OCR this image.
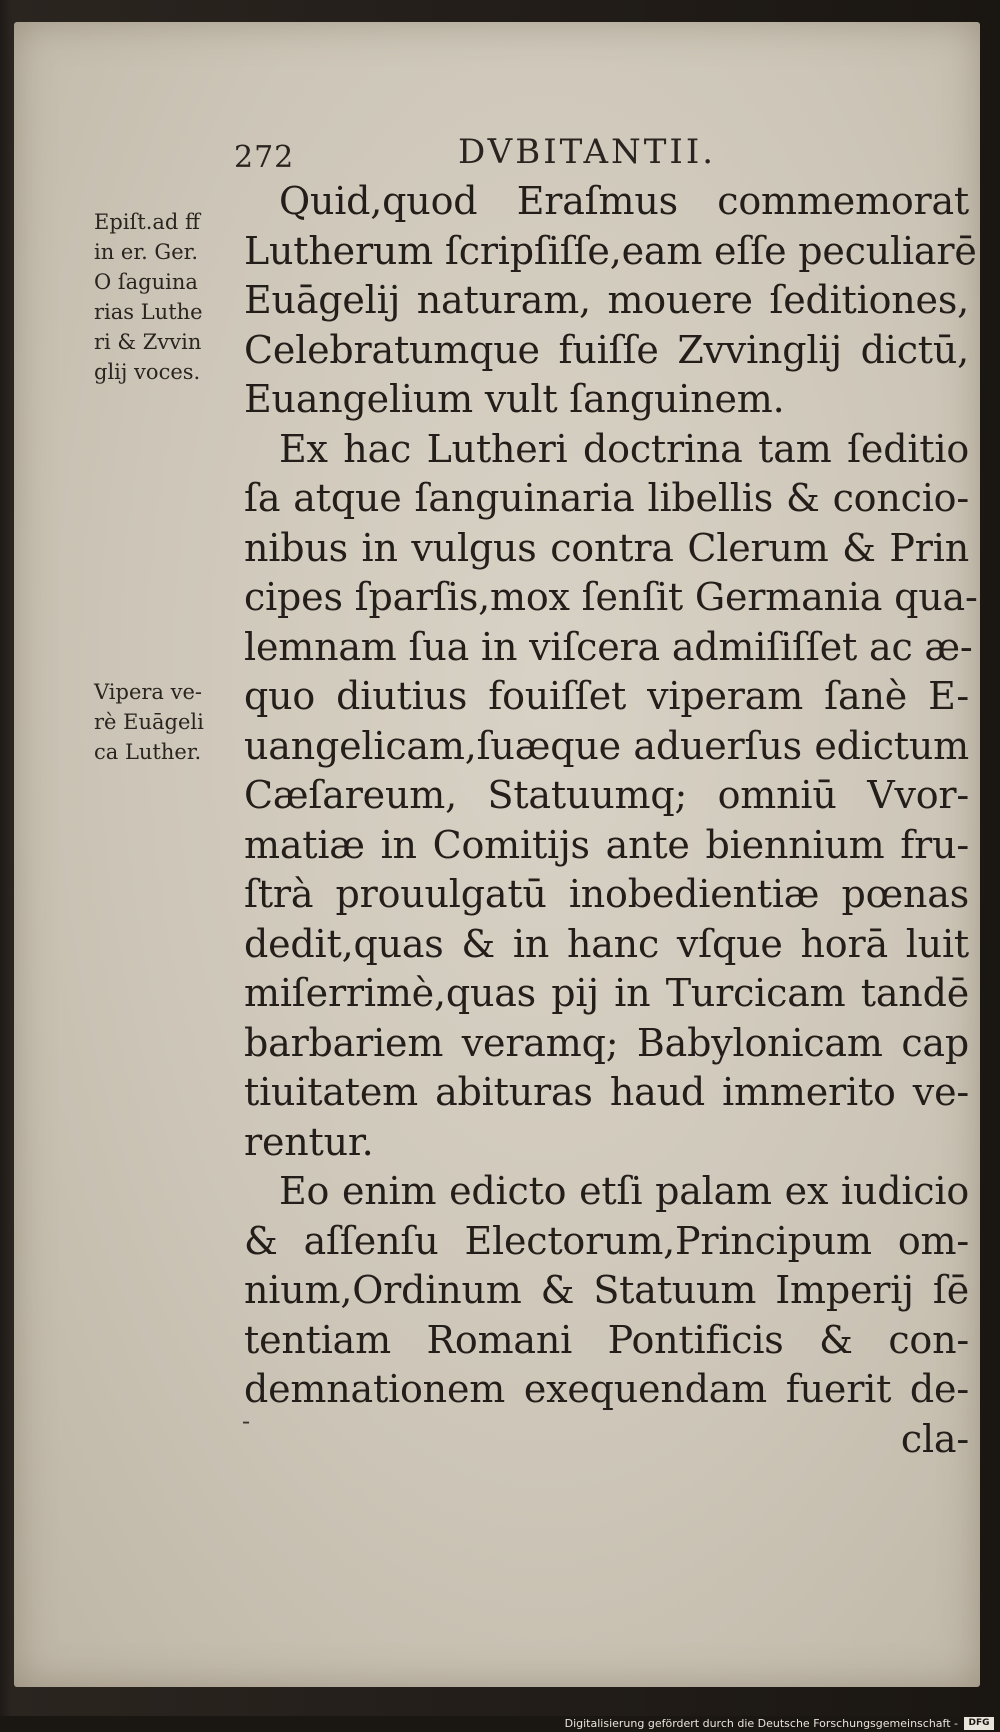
272	DVBITANTII.
Epiſt.ad ff
in er. Ger.
O ſaguina
rias Luthe
ri & Zvvin
glij voces.
Vipera ve-
rè Euāgeli
ca Luther.
Quid,quod Eraſmus commemorat
Lutherum ſcripſiſſe,eam eſſe peculiarē
Euāgelij naturam, mouere ſeditiones,
Celebratumque fuiſſe Zvvinglij dictū,
Euangelium vult ſanguinem.
Ex hac Lutheri doctrina tam ſeditio
ſa atque ſanguinaria libellis & concio-
nibus in vulgus contra Clerum & Prin
cipes ſparſis,mox ſenſit Germania qua-
lemnam ſua in viſcera admiſiſſet ac æ-
quo diutius fouiſſet viperam ſanè E-
uangelicam,ſuæque aduerſus edictum
Cæſareum, Statuumq; omniū Vvor-
matiæ in Comitijs ante biennium fru-
ſtrà prouulgatū inobedientiæ pœnas
dedit,quas & in hanc vſque horā luit
miſerrimè,quas pij in Turcicam tandē
barbariem veramq; Babylonicam cap
tiuitatem abituras haud immerito ve-
rentur.
Eo enim edicto etſi palam ex iudicio
& aſſenſu Electorum,Principum om-
nium,Ordinum & Statuum Imperij ſē
tentiam Romani Pontificis & con-
demnationem exequendam fuerit de-
cla-
-
Digitalisierung gefördert durch die Deutsche Forschungsgemeinschaft -	DFG
